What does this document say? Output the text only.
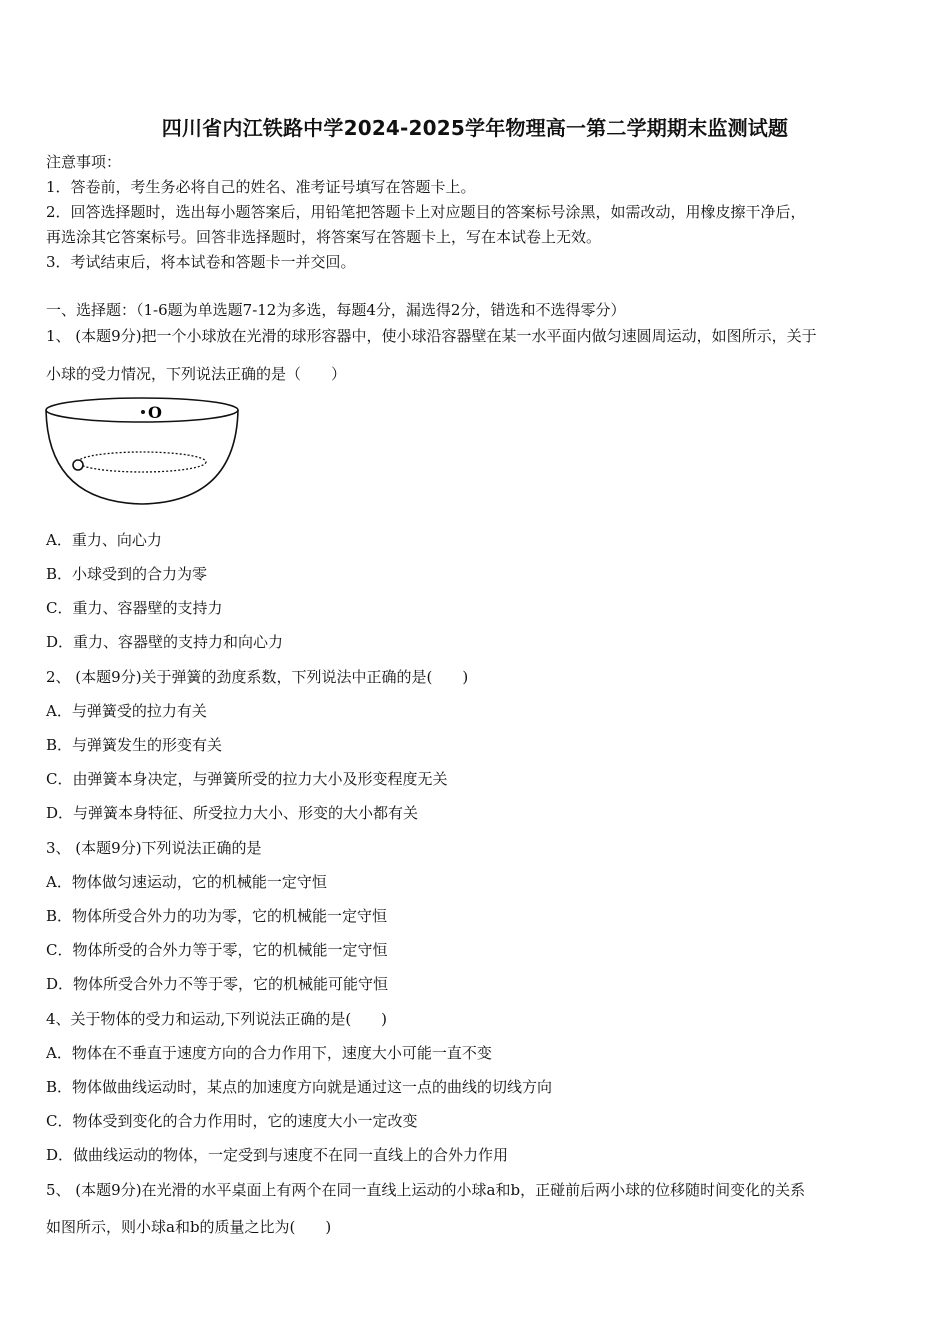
四川省内江铁路中学2024-2025学年物理高一第二学期期末监测试题
注意事项：
1．答卷前，考生务必将自己的姓名、准考证号填写在答题卡上。
2．回答选择题时，选出每小题答案后，用铅笔把答题卡上对应题目的答案标号涂黑，如需改动，用橡皮擦干净后，
再选涂其它答案标号。回答非选择题时，将答案写在答题卡上，写在本试卷上无效。
3．考试结束后，将本试卷和答题卡一并交回。
一、选择题：（1-6题为单选题7-12为多选，每题4分，漏选得2分，错选和不选得零分）
1、 (本题9分)把一个小球放在光滑的球形容器中，使小球沿容器壁在某一水平面内做匀速圆周运动，如图所示，关于
小球的受力情况，下列说法正确的是（　　）
O
A．重力、向心力
B．小球受到的合力为零
C．重力、容器壁的支持力
D．重力、容器壁的支持力和向心力
2、 (本题9分)关于弹簧的劲度系数，下列说法中正确的是(　　)
A．与弹簧受的拉力有关
B．与弹簧发生的形变有关
C．由弹簧本身决定，与弹簧所受的拉力大小及形变程度无关
D．与弹簧本身特征、所受拉力大小、形变的大小都有关
3、 (本题9分)下列说法正确的是
A．物体做匀速运动，它的机械能一定守恒
B．物体所受合外力的功为零，它的机械能一定守恒
C．物体所受的合外力等于零，它的机械能一定守恒
D．物体所受合外力不等于零，它的机械能可能守恒
4、关于物体的受力和运动,下列说法正确的是(　　)
A．物体在不垂直于速度方向的合力作用下，速度大小可能一直不变
B．物体做曲线运动时，某点的加速度方向就是通过这一点的曲线的切线方向
C．物体受到变化的合力作用时，它的速度大小一定改变
D．做曲线运动的物体，一定受到与速度不在同一直线上的合外力作用
5、 (本题9分)在光滑的水平桌面上有两个在同一直线上运动的小球a和b，正碰前后两小球的位移随时间变化的关系
如图所示，则小球a和b的质量之比为(　　)
